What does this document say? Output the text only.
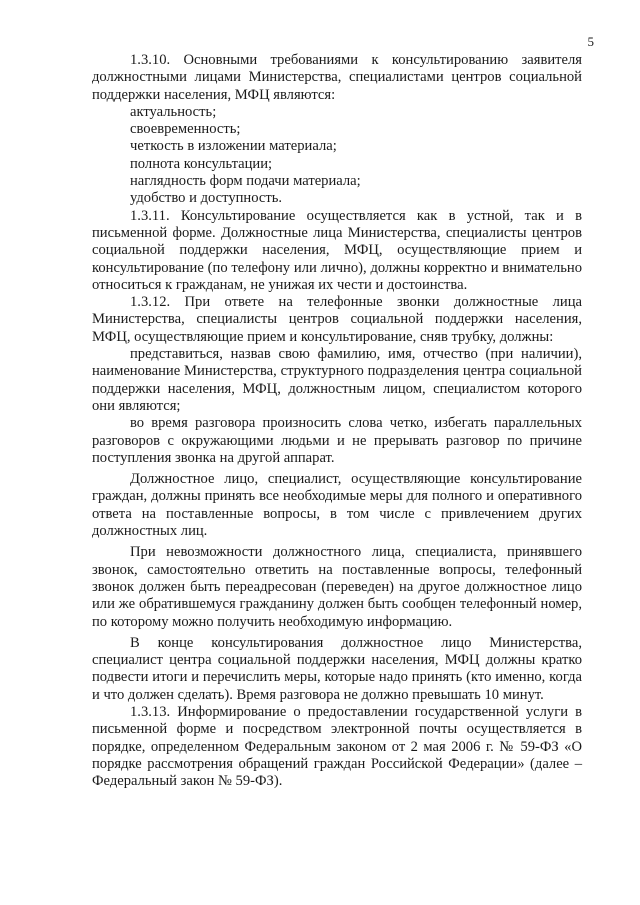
5

1.3.10. Основными требованиями к консультированию заявителя должностными лицами Министерства, специалистами центров социальной поддержки населения, МФЦ являются:

актуальность;

своевременность;

четкость в изложении материала;

полнота консультации;

наглядность форм подачи материала;

удобство и доступность.

1.3.11. Консультирование осуществляется как в устной, так и в письменной форме. Должностные лица Министерства, специалисты центров социальной поддержки населения, МФЦ, осуществляющие прием и консультирование (по телефону или лично), должны корректно и внимательно относиться к гражданам, не унижая их чести и достоинства.

1.3.12. При ответе на телефонные звонки должностные лица Министерства, специалисты центров социальной поддержки населения, МФЦ, осуществляющие прием и консультирование, сняв трубку, должны:

представиться, назвав свою фамилию, имя, отчество (при наличии), наименование Министерства, структурного подразделения центра социальной поддержки населения, МФЦ, должностным лицом, специалистом которого они являются;

во время разговора произносить слова четко, избегать параллельных разговоров с окружающими людьми и не прерывать разговор по причине поступления звонка на другой аппарат.

Должностное лицо, специалист, осуществляющие консультирование граждан, должны принять все необходимые меры для полного и оперативного ответа на поставленные вопросы, в том числе с привлечением других должностных лиц.

При невозможности должностного лица, специалиста, принявшего звонок, самостоятельно ответить на поставленные вопросы, телефонный звонок должен быть переадресован (переведен) на другое должностное лицо или же обратившемуся гражданину должен быть сообщен телефонный номер, по которому можно получить необходимую информацию.

В конце консультирования должностное лицо Министерства, специалист центра социальной поддержки населения, МФЦ должны кратко подвести итоги и перечислить меры, которые надо принять (кто именно, когда и что должен сделать). Время разговора не должно превышать 10 минут.

1.3.13. Информирование о предоставлении государственной услуги в письменной форме и посредством электронной почты осуществляется в порядке, определенном Федеральным законом от 2 мая 2006 г. № 59-ФЗ «О порядке рассмотрения обращений граждан Российской Федерации» (далее – Федеральный закон № 59-ФЗ).
